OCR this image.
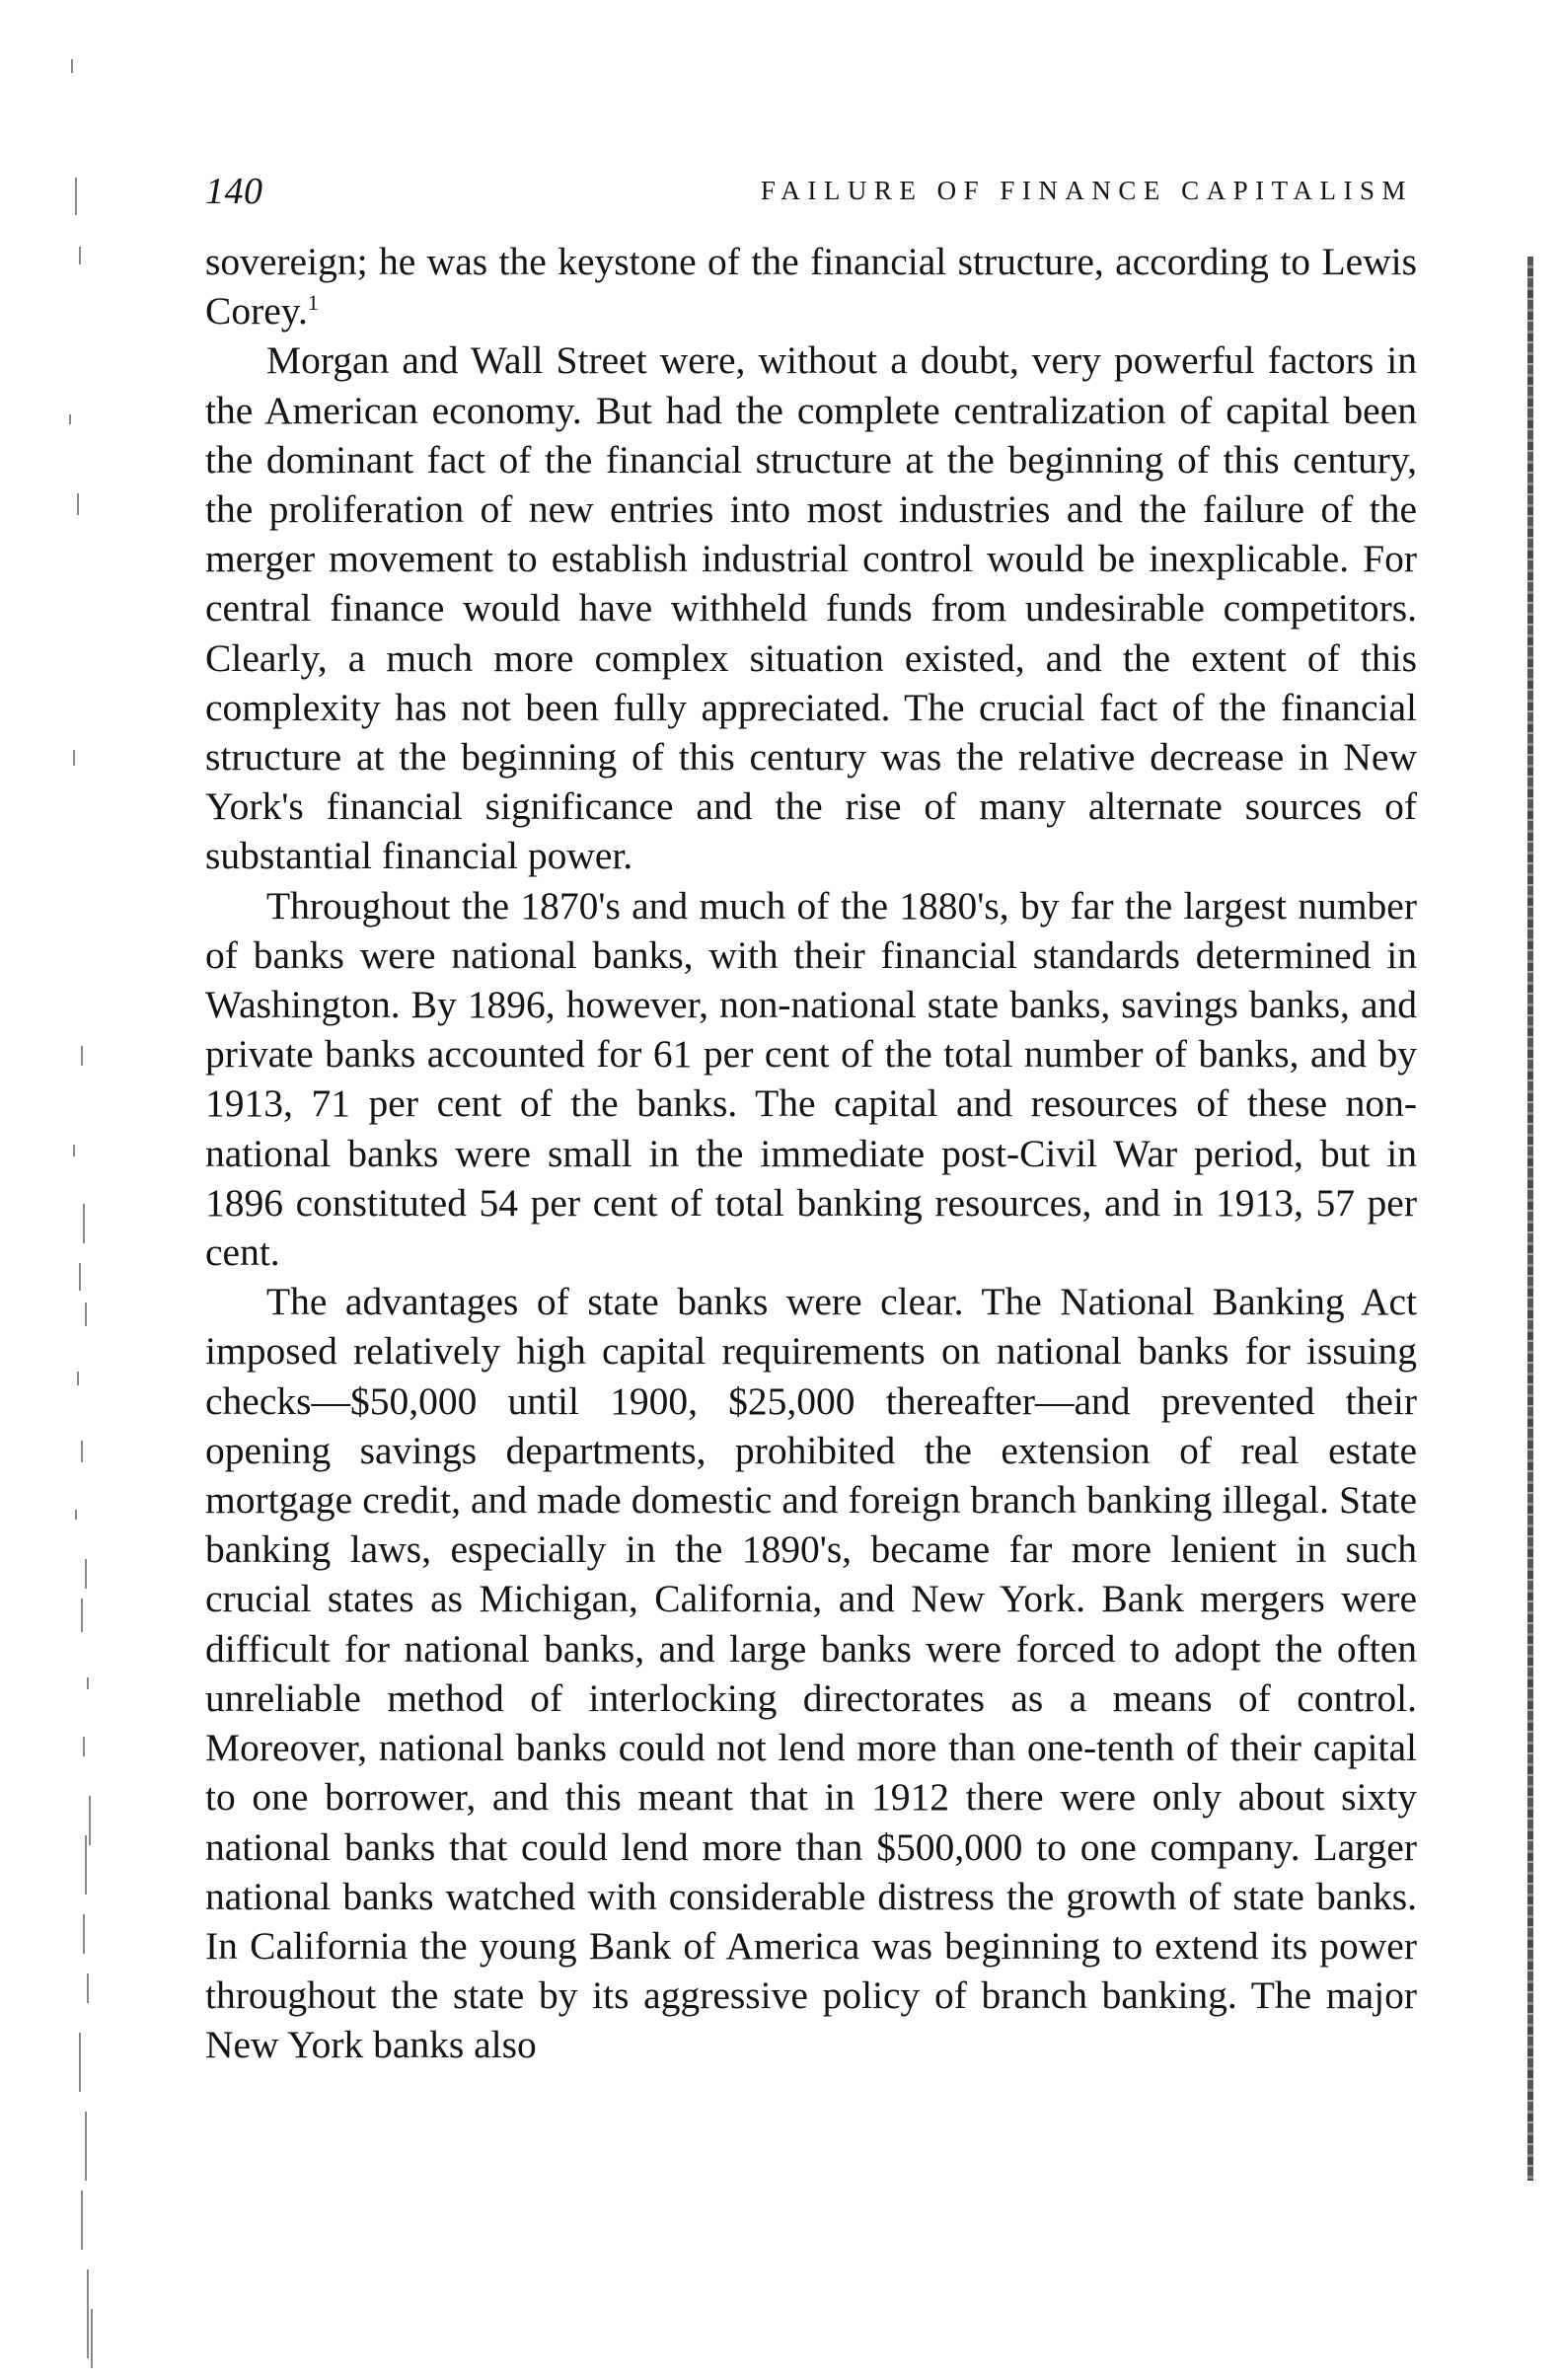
140	FAILURE OF FINANCE CAPITALISM

sovereign; he was the keystone of the financial structure, according to Lewis Corey.$^1$

Morgan and Wall Street were, without a doubt, very powerful factors in the American economy. But had the complete centralization of capital been the dominant fact of the financial structure at the beginning of this century, the proliferation of new entries into most industries and the failure of the merger movement to establish industrial control would be inexplicable. For central finance would have withheld funds from undesirable competitors. Clearly, a much more complex situation existed, and the extent of this complexity has not been fully appreciated. The crucial fact of the financial structure at the beginning of this century was the relative decrease in New York's financial significance and the rise of many alternate sources of substantial financial power.

Throughout the 1870's and much of the 1880's, by far the largest number of banks were national banks, with their financial standards determined in Washington. By 1896, however, non-national state banks, savings banks, and private banks accounted for 61 per cent of the total number of banks, and by 1913, 71 per cent of the banks. The capital and resources of these non-national banks were small in the immediate post-Civil War period, but in 1896 constituted 54 per cent of total banking resources, and in 1913, 57 per cent.

The advantages of state banks were clear. The National Banking Act imposed relatively high capital requirements on national banks for issuing checks—$50,000 until 1900, $25,000 thereafter—and prevented their opening savings departments, prohibited the extension of real estate mortgage credit, and made domestic and foreign branch banking illegal. State banking laws, especially in the 1890's, became far more lenient in such crucial states as Michigan, California, and New York. Bank mergers were difficult for national banks, and large banks were forced to adopt the often unreliable method of interlocking directorates as a means of control. Moreover, national banks could not lend more than one-tenth of their capital to one borrower, and this meant that in 1912 there were only about sixty national banks that could lend more than $500,000 to one company. Larger national banks watched with considerable distress the growth of state banks. In California the young Bank of America was beginning to extend its power throughout the state by its aggressive policy of branch banking. The major New York banks also
